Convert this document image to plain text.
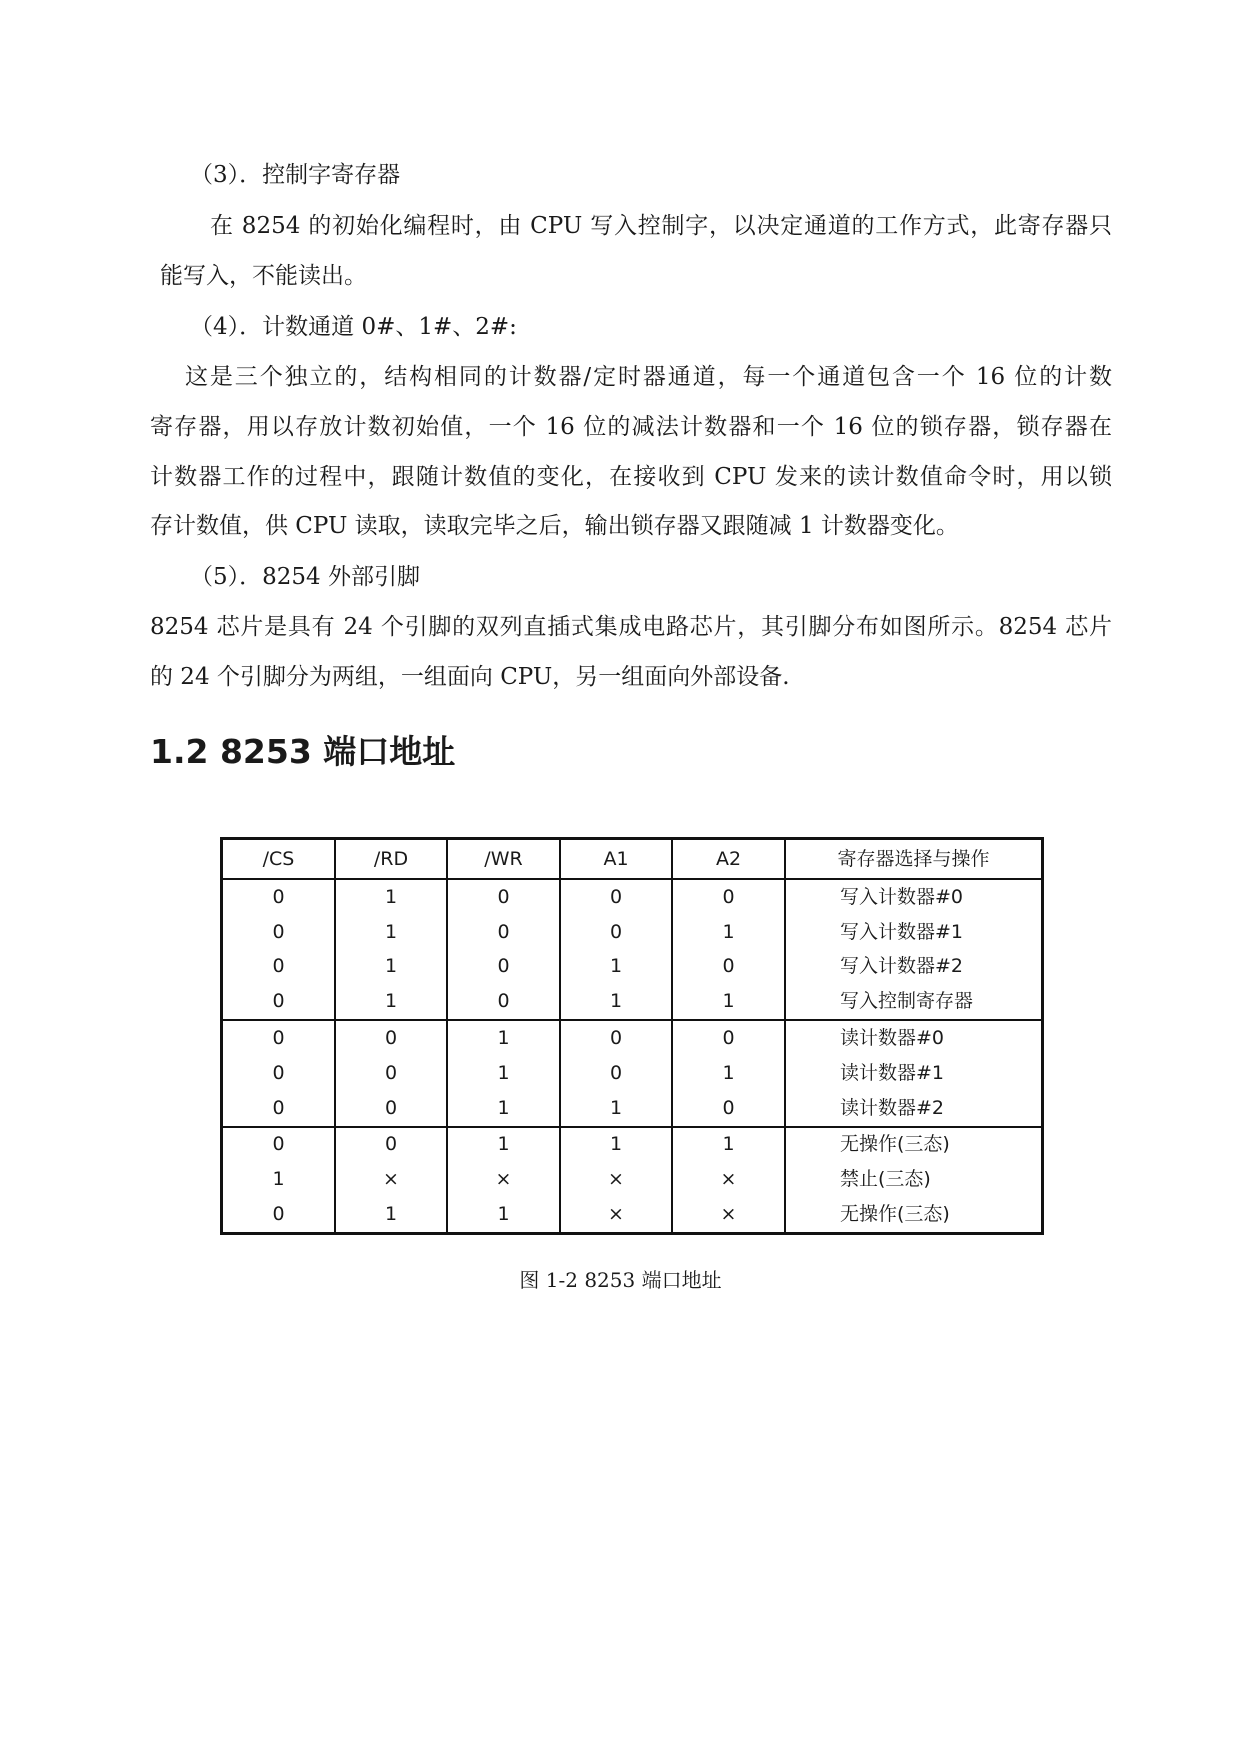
（3）．控制字寄存器
在 8254 的初始化编程时，由 CPU 写入控制字，以决定通道的工作方式，此寄存器只
能写入，不能读出。
（4）．计数通道 0#、1#、2#:
这是三个独立的，结构相同的计数器/定时器通道，每一个通道包含一个 16 位的计数
寄存器，用以存放计数初始值，一个 16 位的减法计数器和一个 16 位的锁存器，锁存器在
计数器工作的过程中，跟随计数值的变化，在接收到 CPU 发来的读计数值命令时，用以锁
存计数值，供 CPU 读取，读取完毕之后，输出锁存器又跟随减 1 计数器变化。
（5）．8254 外部引脚
8254 芯片是具有 24 个引脚的双列直插式集成电路芯片，其引脚分布如图所示。8254 芯片
的 24 个引脚分为两组，一组面向 CPU，另一组面向外部设备.
1.2 8253 端口地址
/CS	/RD	/WR	A1	A2	寄存器选择与操作
0	1	0	0	0	写入计数器#0
0	1	0	0	1	写入计数器#1
0	1	0	1	0	写入计数器#2
0	1	0	1	1	写入控制寄存器
0	0	1	0	0	读计数器#0
0	0	1	0	1	读计数器#1
0	0	1	1	0	读计数器#2
0	0	1	1	1	无操作(三态)
1	×	×	×	×	禁止(三态)
0	1	1	×	×	无操作(三态)
图 1-2 8253 端口地址
